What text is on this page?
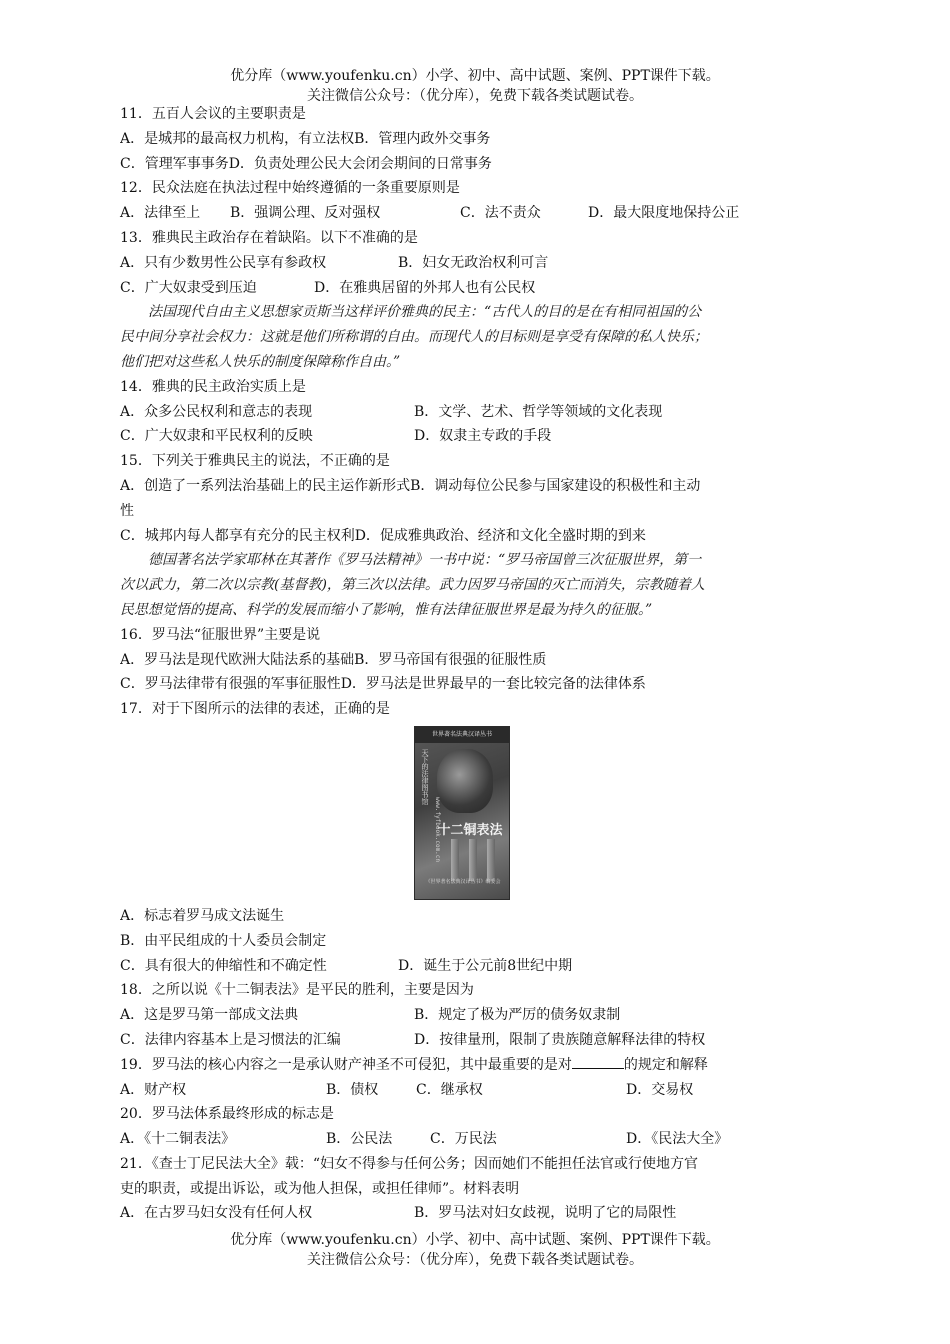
优分库（www.youfenku.cn）小学、初中、高中试题、案例、PPT课件下载。
关注微信公众号：（优分库），免费下载各类试题试卷。
11．五百人会议的主要职责是
A．是城邦的最高权力机构，有立法权B．管理内政外交事务
C．管理军事事务D．负责处理公民大会闭会期间的日常事务
12．民众法庭在执法过程中始终遵循的一条重要原则是
A．法律至上	B．强调公理、反对强权	C．法不责众	D．最大限度地保持公正
13．雅典民主政治存在着缺陷。以下不准确的是
A．只有少数男性公民享有参政权	B．妇女无政治权利可言
C．广大奴隶受到压迫	D．在雅典居留的外邦人也有公民权
法国现代自由主义思想家贡斯当这样评价雅典的民主：“古代人的目的是在有相同祖国的公
民中间分享社会权力：这就是他们所称谓的自由。而现代人的目标则是享受有保障的私人快乐；
他们把对这些私人快乐的制度保障称作自由。”
14．雅典的民主政治实质上是
A．众多公民权利和意志的表现	B．文学、艺术、哲学等领域的文化表现
C．广大奴隶和平民权利的反映	D．奴隶主专政的手段
15．下列关于雅典民主的说法，不正确的是
A．创造了一系列法治基础上的民主运作新形式B．调动每位公民参与国家建设的积极性和主动
性
C．城邦内每人都享有充分的民主权利D．促成雅典政治、经济和文化全盛时期的到来
德国著名法学家耶林在其著作《罗马法精神》一书中说：“罗马帝国曾三次征服世界，第一
次以武力，第二次以宗教(基督教)，第三次以法律。武力因罗马帝国的灭亡而消失，宗教随着人
民思想觉悟的提高、科学的发展而缩小了影响，惟有法律征服世界是最为持久的征服。”
16．罗马法“征服世界”主要是说
A．罗马法是现代欧洲大陆法系的基础B．罗马帝国有很强的征服性质
C．罗马法律带有很强的军事征服性D．罗马法是世界最早的一套比较完备的法律体系
17．对于下图所示的法律的表述，正确的是
世界著名法典汉译丛书
天下的法律图书馆
www.fyfbook.com.cn
十二铜表法
《世界著名法典汉译丛书》编委会
A．标志着罗马成文法诞生
B．由平民组成的十人委员会制定
C．具有很大的伸缩性和不确定性	D．诞生于公元前8世纪中期
18．之所以说《十二铜表法》是平民的胜利，主要是因为
A．这是罗马第一部成文法典	B．规定了极为严厉的债务奴隶制
C．法律内容基本上是习惯法的汇编	D．按律量刑，限制了贵族随意解释法律的特权
19．罗马法的核心内容之一是承认财产神圣不可侵犯，其中最重要的是对	的规定和解释
A．财产权	B．债权	C．继承权	D．交易权
20．罗马法体系最终形成的标志是
A．《十二铜表法》	B．公民法	C．万民法	D．《民法大全》
21．《查士丁尼民法大全》载：“妇女不得参与任何公务；因而她们不能担任法官或行使地方官
吏的职责，或提出诉讼，或为他人担保，或担任律师”。材料表明
A．在古罗马妇女没有任何人权	B．罗马法对妇女歧视，说明了它的局限性
优分库（www.youfenku.cn）小学、初中、高中试题、案例、PPT课件下载。
关注微信公众号：（优分库），免费下载各类试题试卷。
